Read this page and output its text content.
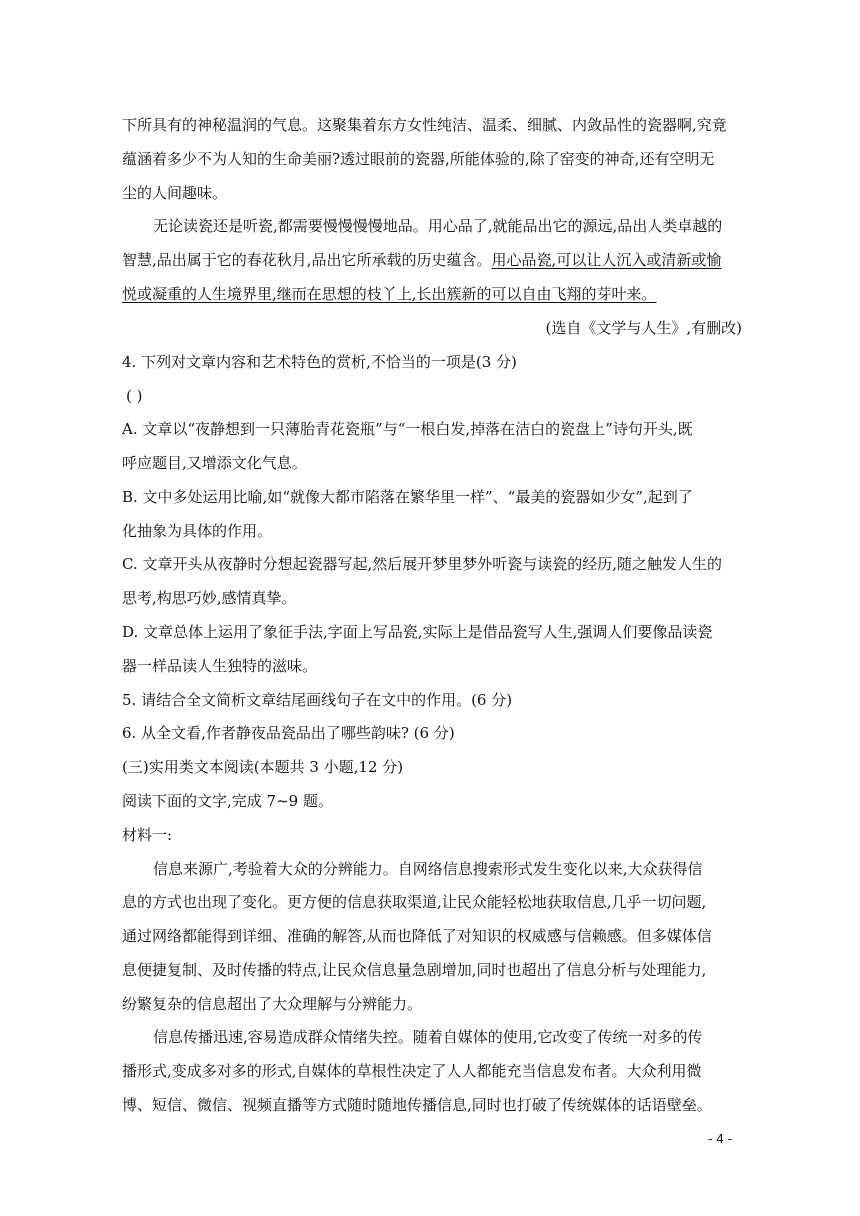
下所具有的神秘温润的气息。这聚集着东方女性纯洁、温柔、细腻、内敛品性的瓷器啊,究竟
蕴涵着多少不为人知的生命美丽?透过眼前的瓷器,所能体验的,除了窑变的神奇,还有空明无
尘的人间趣味。
无论读瓷还是听瓷,都需要慢慢慢慢地品。用心品了,就能品出它的源远,品出人类卓越的
智慧,品出属于它的春花秋月,品出它所承载的历史蕴含。用心品瓷,可以让人沉入或清新或愉
悦或凝重的人生境界里,继而在思想的枝丫上,长出簇新的可以自由飞翔的芽叶来。
(选自《文学与人生》,有删改)
4. 下列对文章内容和艺术特色的赏析,不恰当的一项是(3 分)
( )
A. 文章以“夜静想到一只薄胎青花瓷瓶”与“一根白发,掉落在洁白的瓷盘上”诗句开头,既
呼应题目,又增添文化气息。
B. 文中多处运用比喻,如“就像大都市陷落在繁华里一样”、“最美的瓷器如少女”,起到了
化抽象为具体的作用。
C. 文章开头从夜静时分想起瓷器写起,然后展开梦里梦外听瓷与读瓷的经历,随之触发人生的
思考,构思巧妙,感情真挚。
D. 文章总体上运用了象征手法,字面上写品瓷,实际上是借品瓷写人生,强调人们要像品读瓷
器一样品读人生独特的滋味。
5. 请结合全文简析文章结尾画线句子在文中的作用。(6 分)
6. 从全文看,作者静夜品瓷品出了哪些韵味? (6 分)
(三)实用类文本阅读(本题共 3 小题,12 分)
阅读下面的文字,完成 7~9 题。
材料一:
信息来源广,考验着大众的分辨能力。自网络信息搜索形式发生变化以来,大众获得信
息的方式也出现了变化。更方便的信息获取渠道,让民众能轻松地获取信息,几乎一切问题,
通过网络都能得到详细、准确的解答,从而也降低了对知识的权威感与信赖感。但多媒体信
息便捷复制、及时传播的特点,让民众信息量急剧增加,同时也超出了信息分析与处理能力,
纷繁复杂的信息超出了大众理解与分辨能力。
信息传播迅速,容易造成群众情绪失控。随着自媒体的使用,它改变了传统一对多的传
播形式,变成多对多的形式,自媒体的草根性决定了人人都能充当信息发布者。大众利用微
博、短信、微信、视频直播等方式随时随地传播信息,同时也打破了传统媒体的话语壁垒。
- 4 -
